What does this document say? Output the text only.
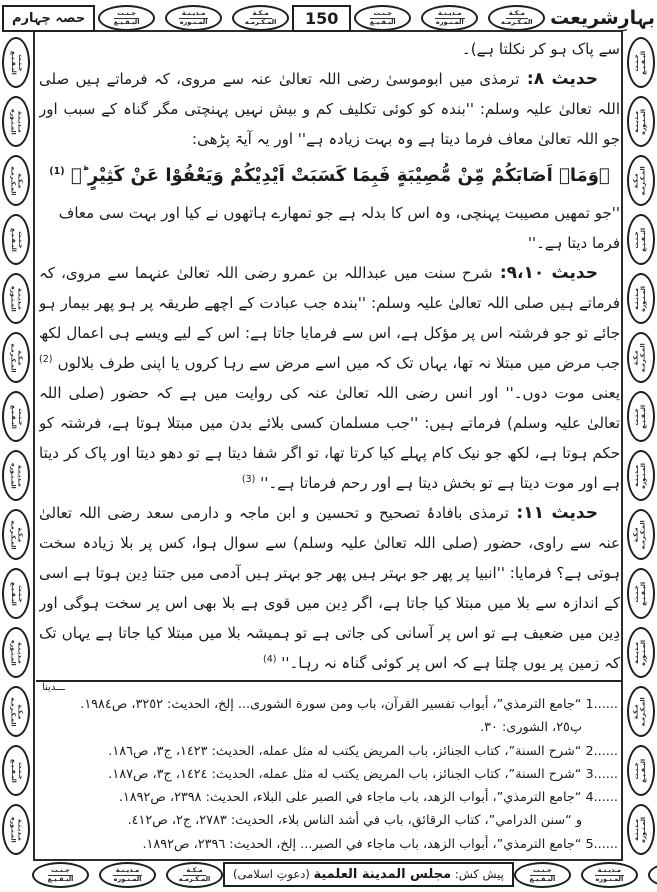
حصہ چہارم	جـنـت
البـقـيـع
مـديـنـة
المـنـوره
مـكـة
المـكـرمـه	150	جـنـت
البـقـيـع
مـديـنـة
المـنـوره
مـكـة
المـكـرمـه بہارِشریعت
جـنـت
البـقـيـع
مـديـنـة
المـنـوره
مـكـة
المـكـرمـه
جـنـت
البـقـيـع
مـديـنـة
المـنـوره
مـكـة
المـكـرمـه
جـنـت
البـقـيـع
مـديـنـة
المـنـوره
مـكـة
المـكـرمـه
جـنـت
البـقـيـع
مـديـنـة
المـنـوره
مـكـة
المـكـرمـه
جـنـت
البـقـيـع
مـديـنـة
المـنـوره
جـنـت البـقـيـع
مـديـنـة المـنـوره
مـكـة المـكـرمـه
جـنـت البـقـيـع
مـديـنـة المـنـوره
مـكـة المـكـرمـه
جـنـت البـقـيـع
مـديـنـة المـنـوره
مـكـة المـكـرمـه
جـنـت البـقـيـع
مـديـنـة المـنـوره
مـكـة المـكـرمـه
جـنـت البـقـيـع
مـديـنـة المـنـوره

سے پاک ہو کر نکلتا ہے)۔

حدیث ۸: ترمذی میں ابوموسیٰ رضی اللہ تعالیٰ عنہ سے مروی، کہ فرماتے ہیں صلی اللہ تعالیٰ علیہ وسلم: ''بندہ کو کوئی تکلیف کم و بیش نہیں پہنچتی مگر گناہ کے سبب اور جو اللہ تعالیٰ معاف فرما دیتا ہے وہ بہت زیادہ ہے'' اور یہ آیۃ پڑھی:

﴿وَمَاۤ اَصَابَکُمْ مِّنْ مُّصِیْبَةٍ فَبِمَا کَسَبَتْ اَیْدِیْکُمْ وَیَعْفُوْا عَنْ کَثِیْرٍ ؕ﴾ $^{(1)}$

''جو تمھیں مصیبت پہنچی، وہ اس کا بدلہ ہے جو تمھارے ہاتھوں نے کیا اور بہت سی معاف فرما دیتا ہے۔''

حدیث ۹،۱۰: شرح سنت میں عبداللہ بن عمرو رضی اللہ تعالیٰ عنہما سے مروی، کہ فرماتے ہیں صلی اللہ تعالیٰ علیہ وسلم: ''بندہ جب عبادت کے اچھے طریقہ پر ہو پھر بیمار ہو جائے تو جو فرشتہ اس پر مؤکل ہے، اس سے فرمایا جاتا ہے: اس کے لیے ویسے ہی اعمال لکھ جب مرض میں مبتلا نہ تھا، یہاں تک کہ میں اسے مرض سے رہا کروں یا اپنی طرف بلالوں $^{(2)}$ یعنی موت دوں۔'' اور انس رضی اللہ تعالیٰ عنہ کی روایت میں ہے کہ حضور (صلی اللہ تعالیٰ علیہ وسلم) فرماتے ہیں: ''جب مسلمان کسی بلائے بدن میں مبتلا ہوتا ہے، فرشتہ کو حکم ہوتا ہے، لکھ جو نیک کام پہلے کیا کرتا تھا، تو اگر شفا دیتا ہے تو دھو دیتا اور پاک کر دیتا ہے اور موت دیتا ہے تو بخش دیتا ہے اور رحم فرماتا ہے۔'' $^{(3)}$

حدیث ۱۱: ترمذی بافادۂ تصحیح و تحسین و ابن ماجہ و دارمی سعد رضی اللہ تعالیٰ عنہ سے راوی، حضور (صلی اللہ تعالیٰ علیہ وسلم) سے سوال ہوا، کس پر بلا زیادہ سخت ہوتی ہے؟ فرمایا: ''انبیا پر پھر جو بہتر ہیں پھر جو بہتر ہیں آدمی میں جتنا دِین ہوتا ہے اسی کے اندازہ سے بلا میں مبتلا کیا جاتا ہے، اگر دِین میں قوی ہے بلا بھی اس پر سخت ہوگی اور دِین میں ضعیف ہے تو اس پر آسانی کی جاتی ہے تو ہمیشہ بلا میں مبتلا کیا جاتا ہے یہاں تک کہ زمین پر یوں چلتا ہے کہ اس پر کوئی گناہ نہ رہا۔'' $^{(4)}$

ـــدینا
1......“جامع الترمذي”، أبواب تفسير القرآن، باب ومن سورة الشورى... إلخ، الحديث: ٣٢٥٢، ص١٩٨٤.
پ٢٥، الشورى: ٣٠.
2......“شرح السنة”، كتاب الجنائز، باب المريض يكتب له مثل عمله، الحديث: ١٤٢٣، ج٣، ص١٨٦.
3......“شرح السنة”، كتاب الجنائز، باب المريض يكتب له مثل عمله، الحديث: ١٤٢٤، ج٣، ص١٨٧.
4......“جامع الترمذي”، أبواب الزهد، باب ماجاء في الصبر على البلاء، الحديث: ٢٣٩٨، ص١٨٩٢.
و “سنن الدرامي”، كتاب الرقائق، باب في أشد الناس بلاء، الحديث: ٢٧٨٣، ج٢، ص٤١٢.
5......“جامع الترمذي”، أبواب الزهد، باب ماجاء في الصبر... إلخ، الحديث: ٢٣٩٦، ص١٨٩٢.
جـنـت
البـقـيـع
مـديـنـة
المـنـوره
مـكـة
المـكـرمـه	پیش کش: مجلس المدینة العلمیة (دعوتِ اسلامی)	جـنـت
البـقـيـع
مـديـنـة
المـنـوره
